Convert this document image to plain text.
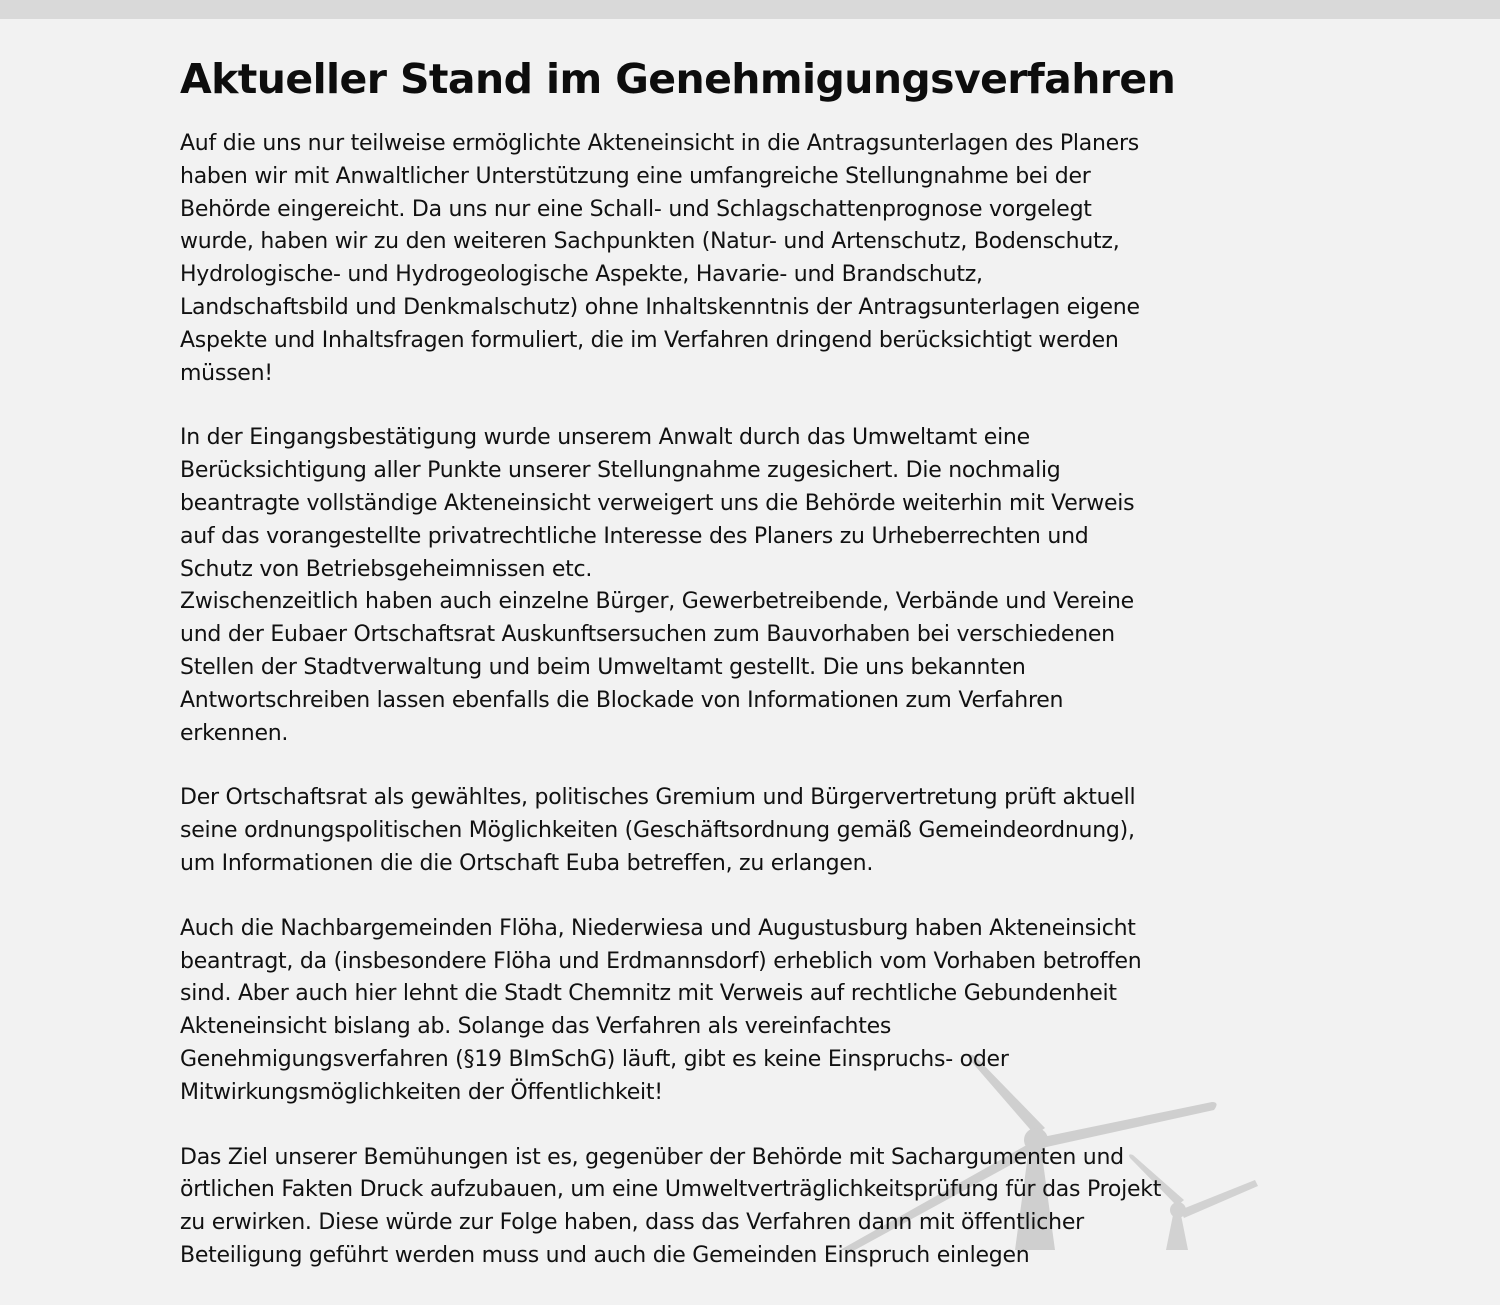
Aktueller Stand im Genehmigungsverfahren

Auf die uns nur teilweise ermöglichte Akteneinsicht in die Antragsunterlagen des Planers
haben wir mit Anwaltlicher Unterstützung eine umfangreiche Stellungnahme bei der
Behörde eingereicht. Da uns nur eine Schall- und Schlagschattenprognose vorgelegt
wurde, haben wir zu den weiteren Sachpunkten (Natur- und Artenschutz, Bodenschutz,
Hydrologische- und Hydrogeologische Aspekte, Havarie- und Brandschutz,
Landschaftsbild und Denkmalschutz) ohne Inhaltskenntnis der Antragsunterlagen eigene
Aspekte und Inhaltsfragen formuliert, die im Verfahren dringend berücksichtigt werden
müssen!

In der Eingangsbestätigung wurde unserem Anwalt durch das Umweltamt eine
Berücksichtigung aller Punkte unserer Stellungnahme zugesichert. Die nochmalig
beantragte vollständige Akteneinsicht verweigert uns die Behörde weiterhin mit Verweis
auf das vorangestellte privatrechtliche Interesse des Planers zu Urheberrechten und
Schutz von Betriebsgeheimnissen etc.
Zwischenzeitlich haben auch einzelne Bürger, Gewerbetreibende, Verbände und Vereine
und der Eubaer Ortschaftsrat Auskunftsersuchen zum Bauvorhaben bei verschiedenen
Stellen der Stadtverwaltung und beim Umweltamt gestellt. Die uns bekannten
Antwortschreiben lassen ebenfalls die Blockade von Informationen zum Verfahren
erkennen.

Der Ortschaftsrat als gewähltes, politisches Gremium und Bürgervertretung prüft aktuell
seine ordnungspolitischen Möglichkeiten (Geschäftsordnung gemäß Gemeindeordnung),
um Informationen die die Ortschaft Euba betreffen, zu erlangen.

Auch die Nachbargemeinden Flöha, Niederwiesa und Augustusburg haben Akteneinsicht
beantragt, da (insbesondere Flöha und Erdmannsdorf) erheblich vom Vorhaben betroffen
sind. Aber auch hier lehnt die Stadt Chemnitz mit Verweis auf rechtliche Gebundenheit
Akteneinsicht bislang ab. Solange das Verfahren als vereinfachtes
Genehmigungsverfahren (§19 BImSchG) läuft, gibt es keine Einspruchs- oder
Mitwirkungsmöglichkeiten der Öffentlichkeit!

Das Ziel unserer Bemühungen ist es, gegenüber der Behörde mit Sachargumenten und
örtlichen Fakten Druck aufzubauen, um eine Umweltverträglichkeitsprüfung für das Projekt
zu erwirken. Diese würde zur Folge haben, dass das Verfahren dann mit öffentlicher
Beteiligung geführt werden muss und auch die Gemeinden Einspruch einlegen
